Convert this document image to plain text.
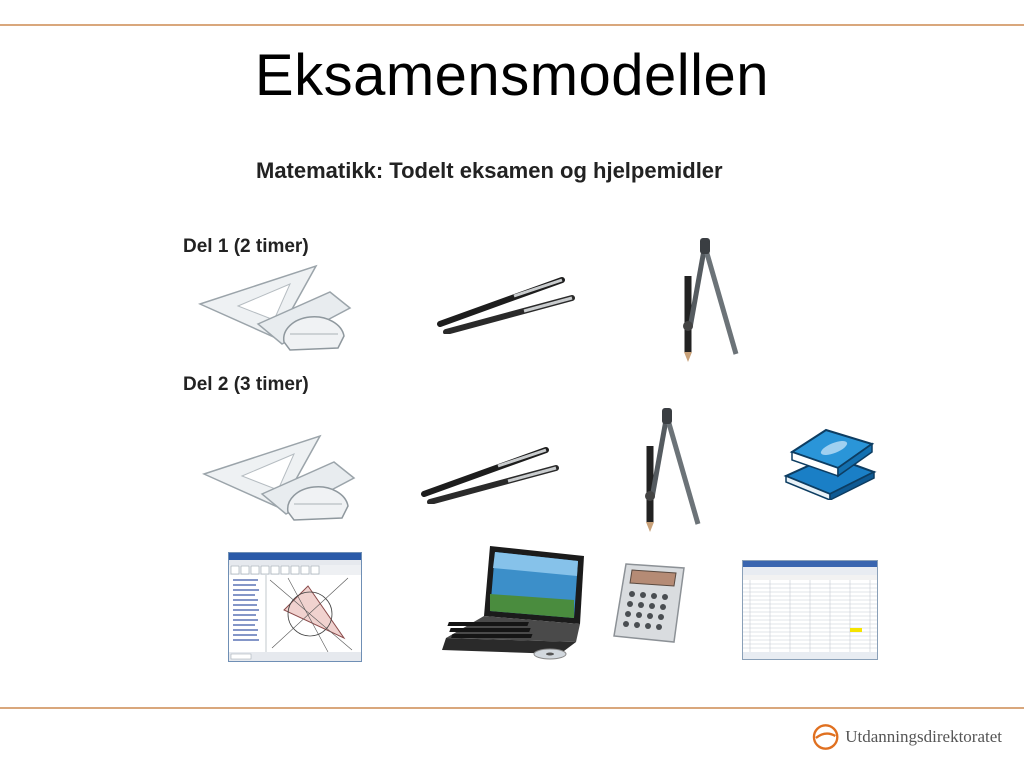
Eksamensmodellen
Matematikk: Todelt eksamen og hjelpemidler
Del 1 (2 timer)
Del 2 (3 timer)
Utdanningsdirektoratet
